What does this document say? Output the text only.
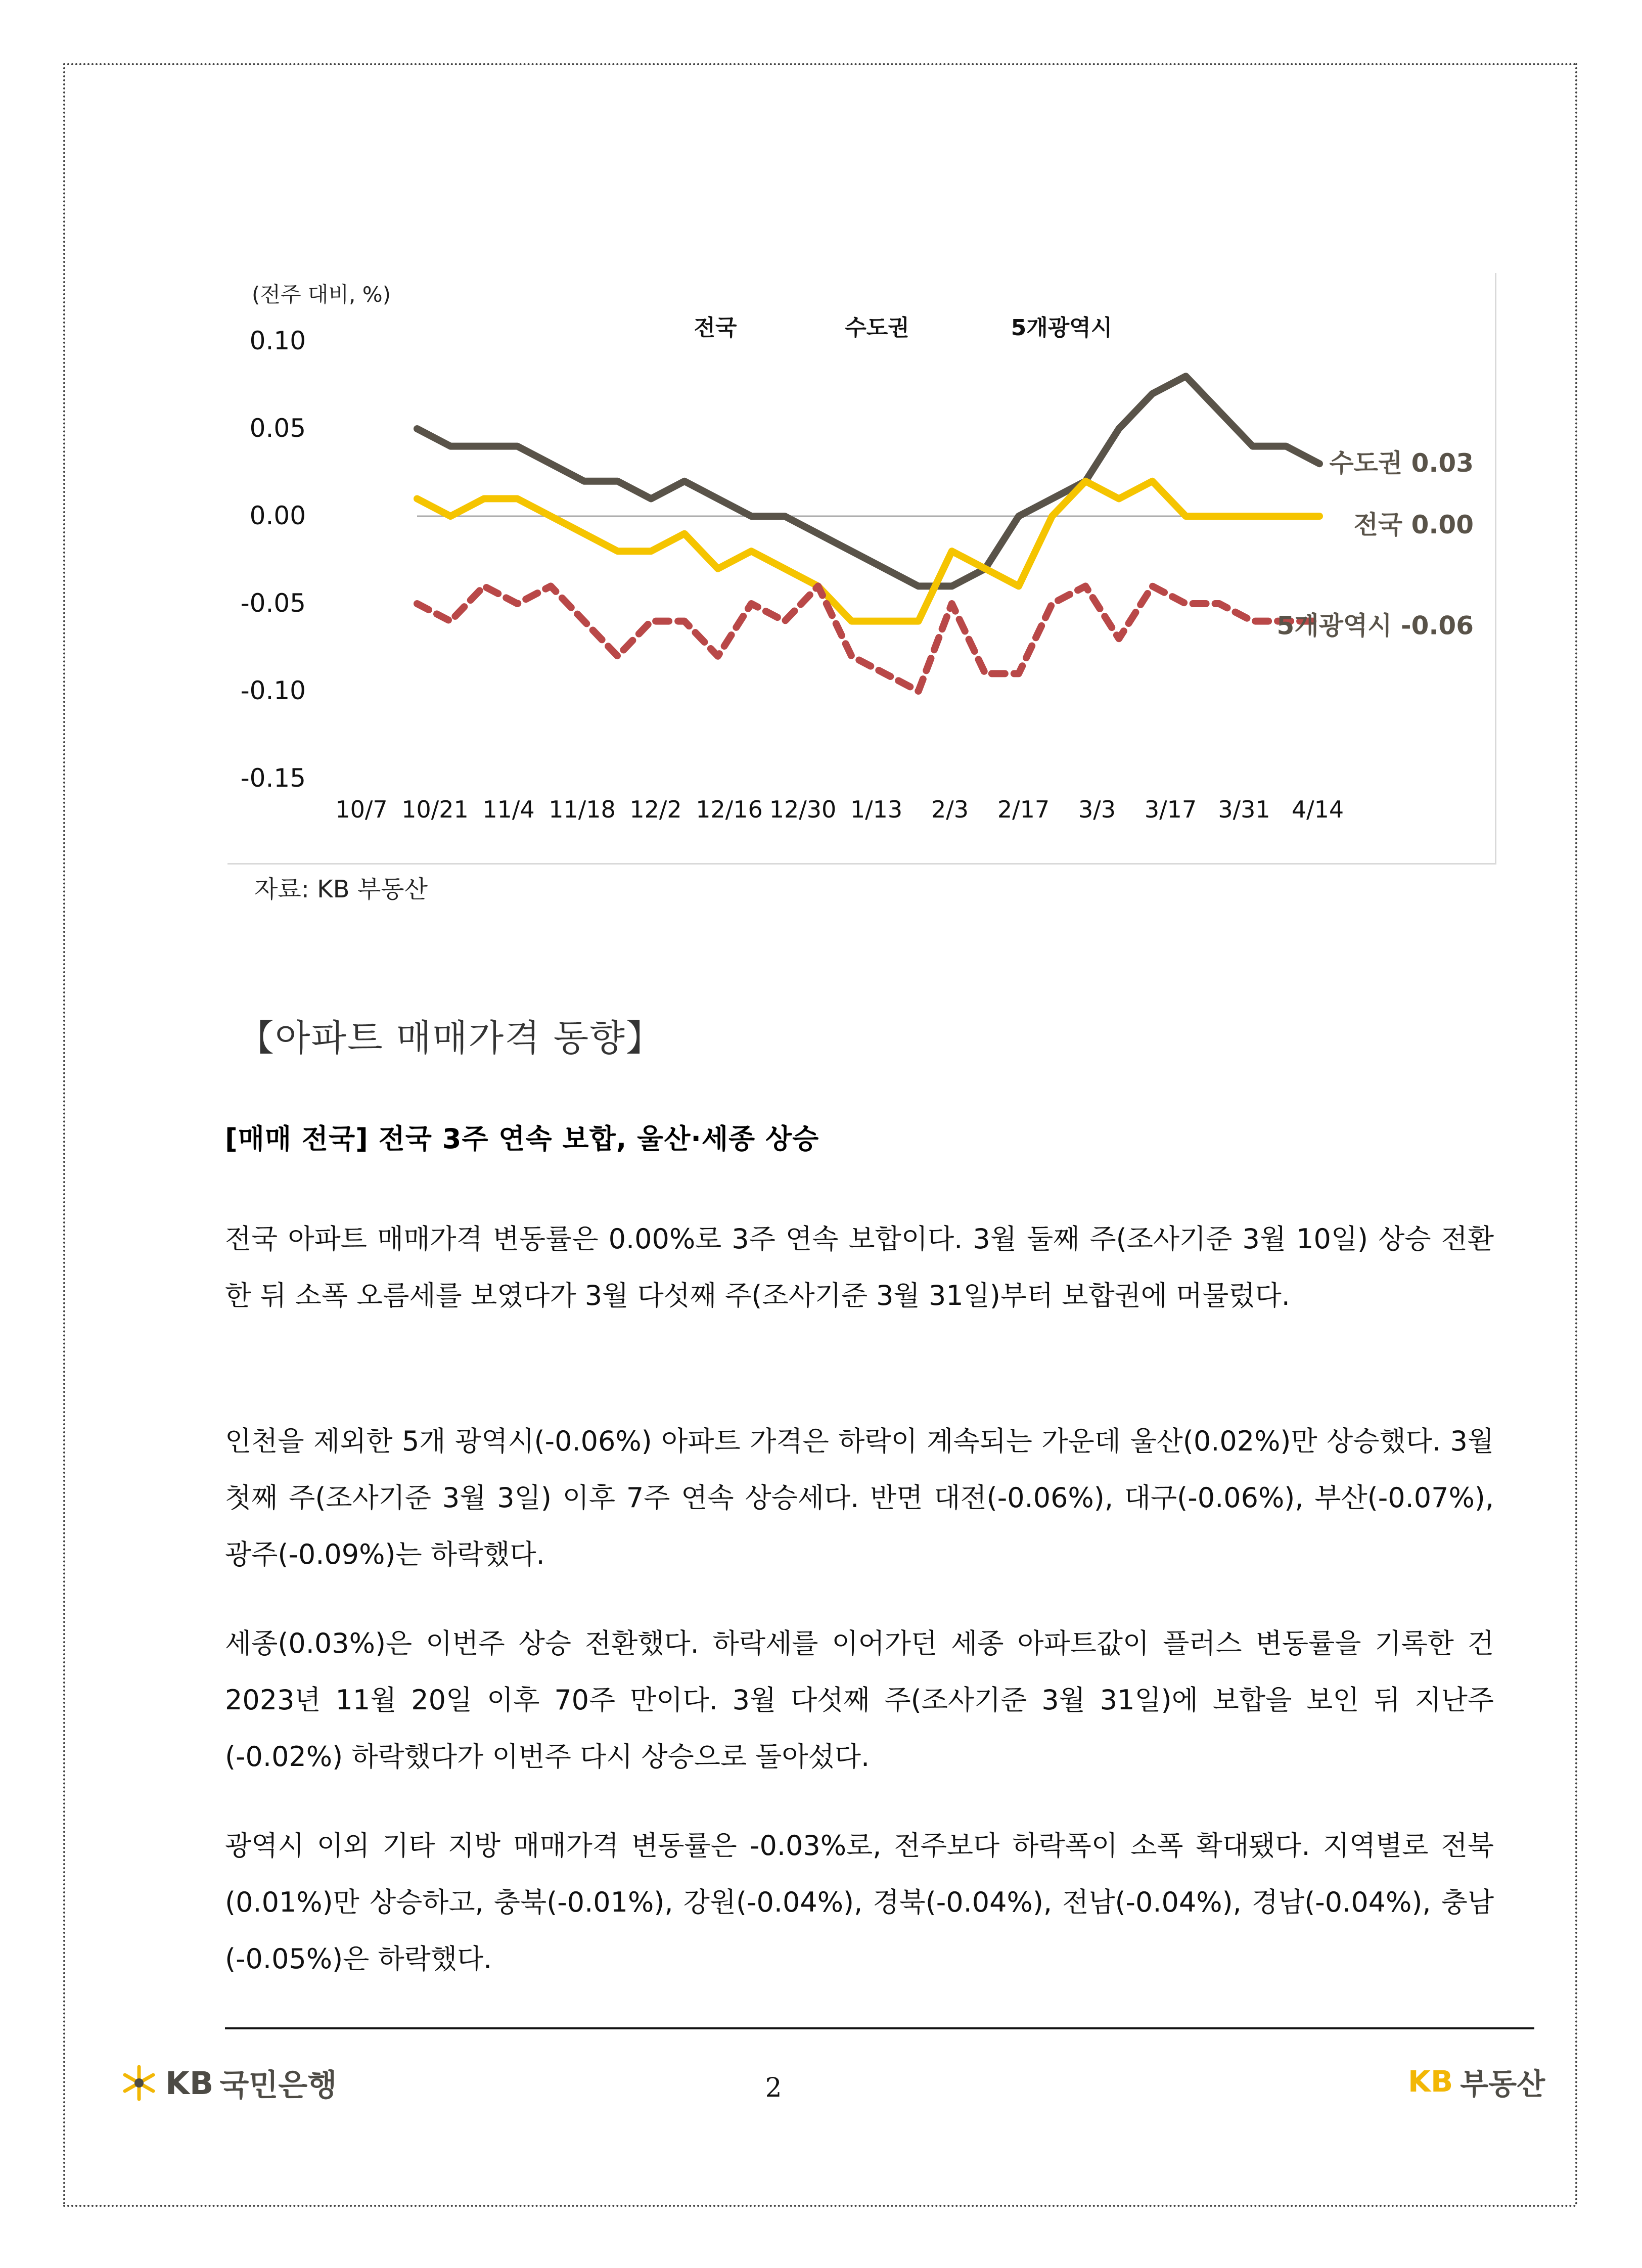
(전주 대비, %)
0.10
0.05
0.00
-0.05
-0.10
-0.15
10/7 10/21 11/4 11/18 12/2 12/16 12/30 1/13 2/3 2/17 3/3 3/17 3/31 4/14
전국	수도권	5개광역시
수도권 0.03
전국 0.00
5개광역시 -0.06
자료: KB 부동산
【아파트 매매가격 동향】
[매매 전국] 전국 3주 연속 보합, 울산·세종 상승

전국 아파트 매매가격 변동률은 0.00%로 3주 연속 보합이다. 3월 둘째 주(조사기준 3월 10일) 상승 전환한 뒤 소폭 오름세를 보였다가 3월 다섯째 주(조사기준 3월 31일)부터 보합권에 머물렀다.

인천을 제외한 5개 광역시(-0.06%) 아파트 가격은 하락이 계속되는 가운데 울산(0.02%)만 상승했다. 3월 첫째 주(조사기준 3월 3일) 이후 7주 연속 상승세다. 반면 대전(-0.06%), 대구(-0.06%), 부산(-0.07%), 광주(-0.09%)는 하락했다.

세종(0.03%)은 이번주 상승 전환했다. 하락세를 이어가던 세종 아파트값이 플러스 변동률을 기록한 건 2023년 11월 20일 이후 70주 만이다. 3월 다섯째 주(조사기준 3월 31일)에 보합을 보인 뒤 지난주(-0.02%) 하락했다가 이번주 다시 상승으로 돌아섰다.

광역시 이외 기타 지방 매매가격 변동률은 -0.03%로, 전주보다 하락폭이 소폭 확대됐다. 지역별로 전북(0.01%)만 상승하고, 충북(-0.01%), 강원(-0.04%), 경북(-0.04%), 전남(-0.04%), 경남(-0.04%), 충남(-0.05%)은 하락했다.

KB 국민은행	2	KB 부동산
